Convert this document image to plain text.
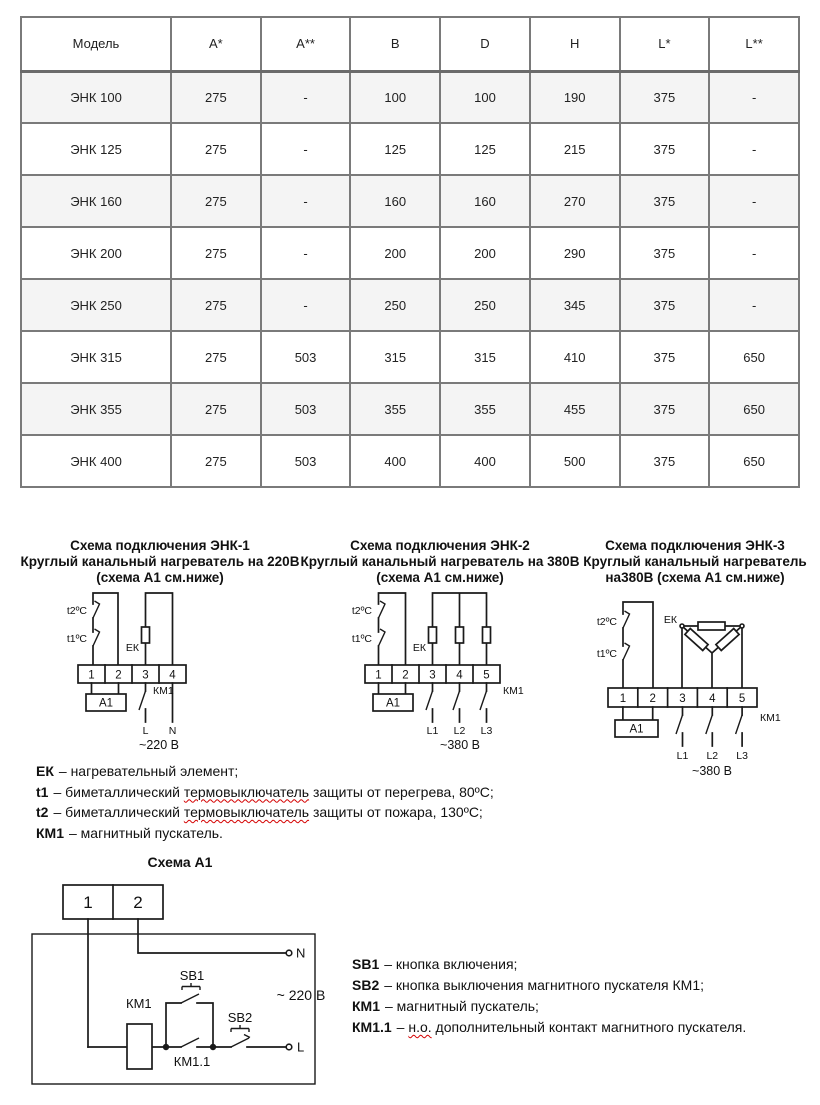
Модель	A*	A**	B	D	H	L*	L**
ЭНК 100	275	-	100	100	190	375	-
ЭНК 125	275	-	125	125	215	375	-
ЭНК 160	275	-	160	160	270	375	-
ЭНК 200	275	-	200	200	290	375	-
ЭНК 250	275	-	250	250	345	375	-
ЭНК 315	275	503	315	315	410	375	650
ЭНК 355	275	503	355	355	455	375	650
ЭНК 400	275	503	400	400	500	375	650
Схема подключения ЭНК-1
Круглый канальный нагреватель на 220В
(схема А1 см.ниже)
А1
t2ºC
t1ºC
ЕК
КМ1
1 2 3 4
L N
~220 В
Схема подключения ЭНК-2
Круглый канальный нагреватель на 380В
(схема А1 см.ниже)
А1
t2ºC
t1ºC
ЕК
КМ1
1 2 3 4 5
L1 L2 L3
~380 В
Схема подключения ЭНК-3
Круглый канальный нагреватель
на380В (схема А1 см.ниже)
А1
t2ºC
t1ºC
ЕК
КМ1
1 2 3 4 5
L1 L2 L3
~380 В
ЕК – нагревательный элемент;
t1 – биметаллический термовыключатель защиты от перегрева, 80ºС;
t2 – биметаллический термовыключатель защиты от пожара, 130ºС;
КМ1 – магнитный пускатель.
Схема А1
1 2
N
L
КМ1
SB1
SB2
КМ1.1
~ 220 В
SB1 – кнопка включения;
SB2 – кнопка выключения магнитного пускателя КМ1;
КМ1 – магнитный пускатель;
КМ1.1 – н.о. дополнительный контакт магнитного пускателя.
